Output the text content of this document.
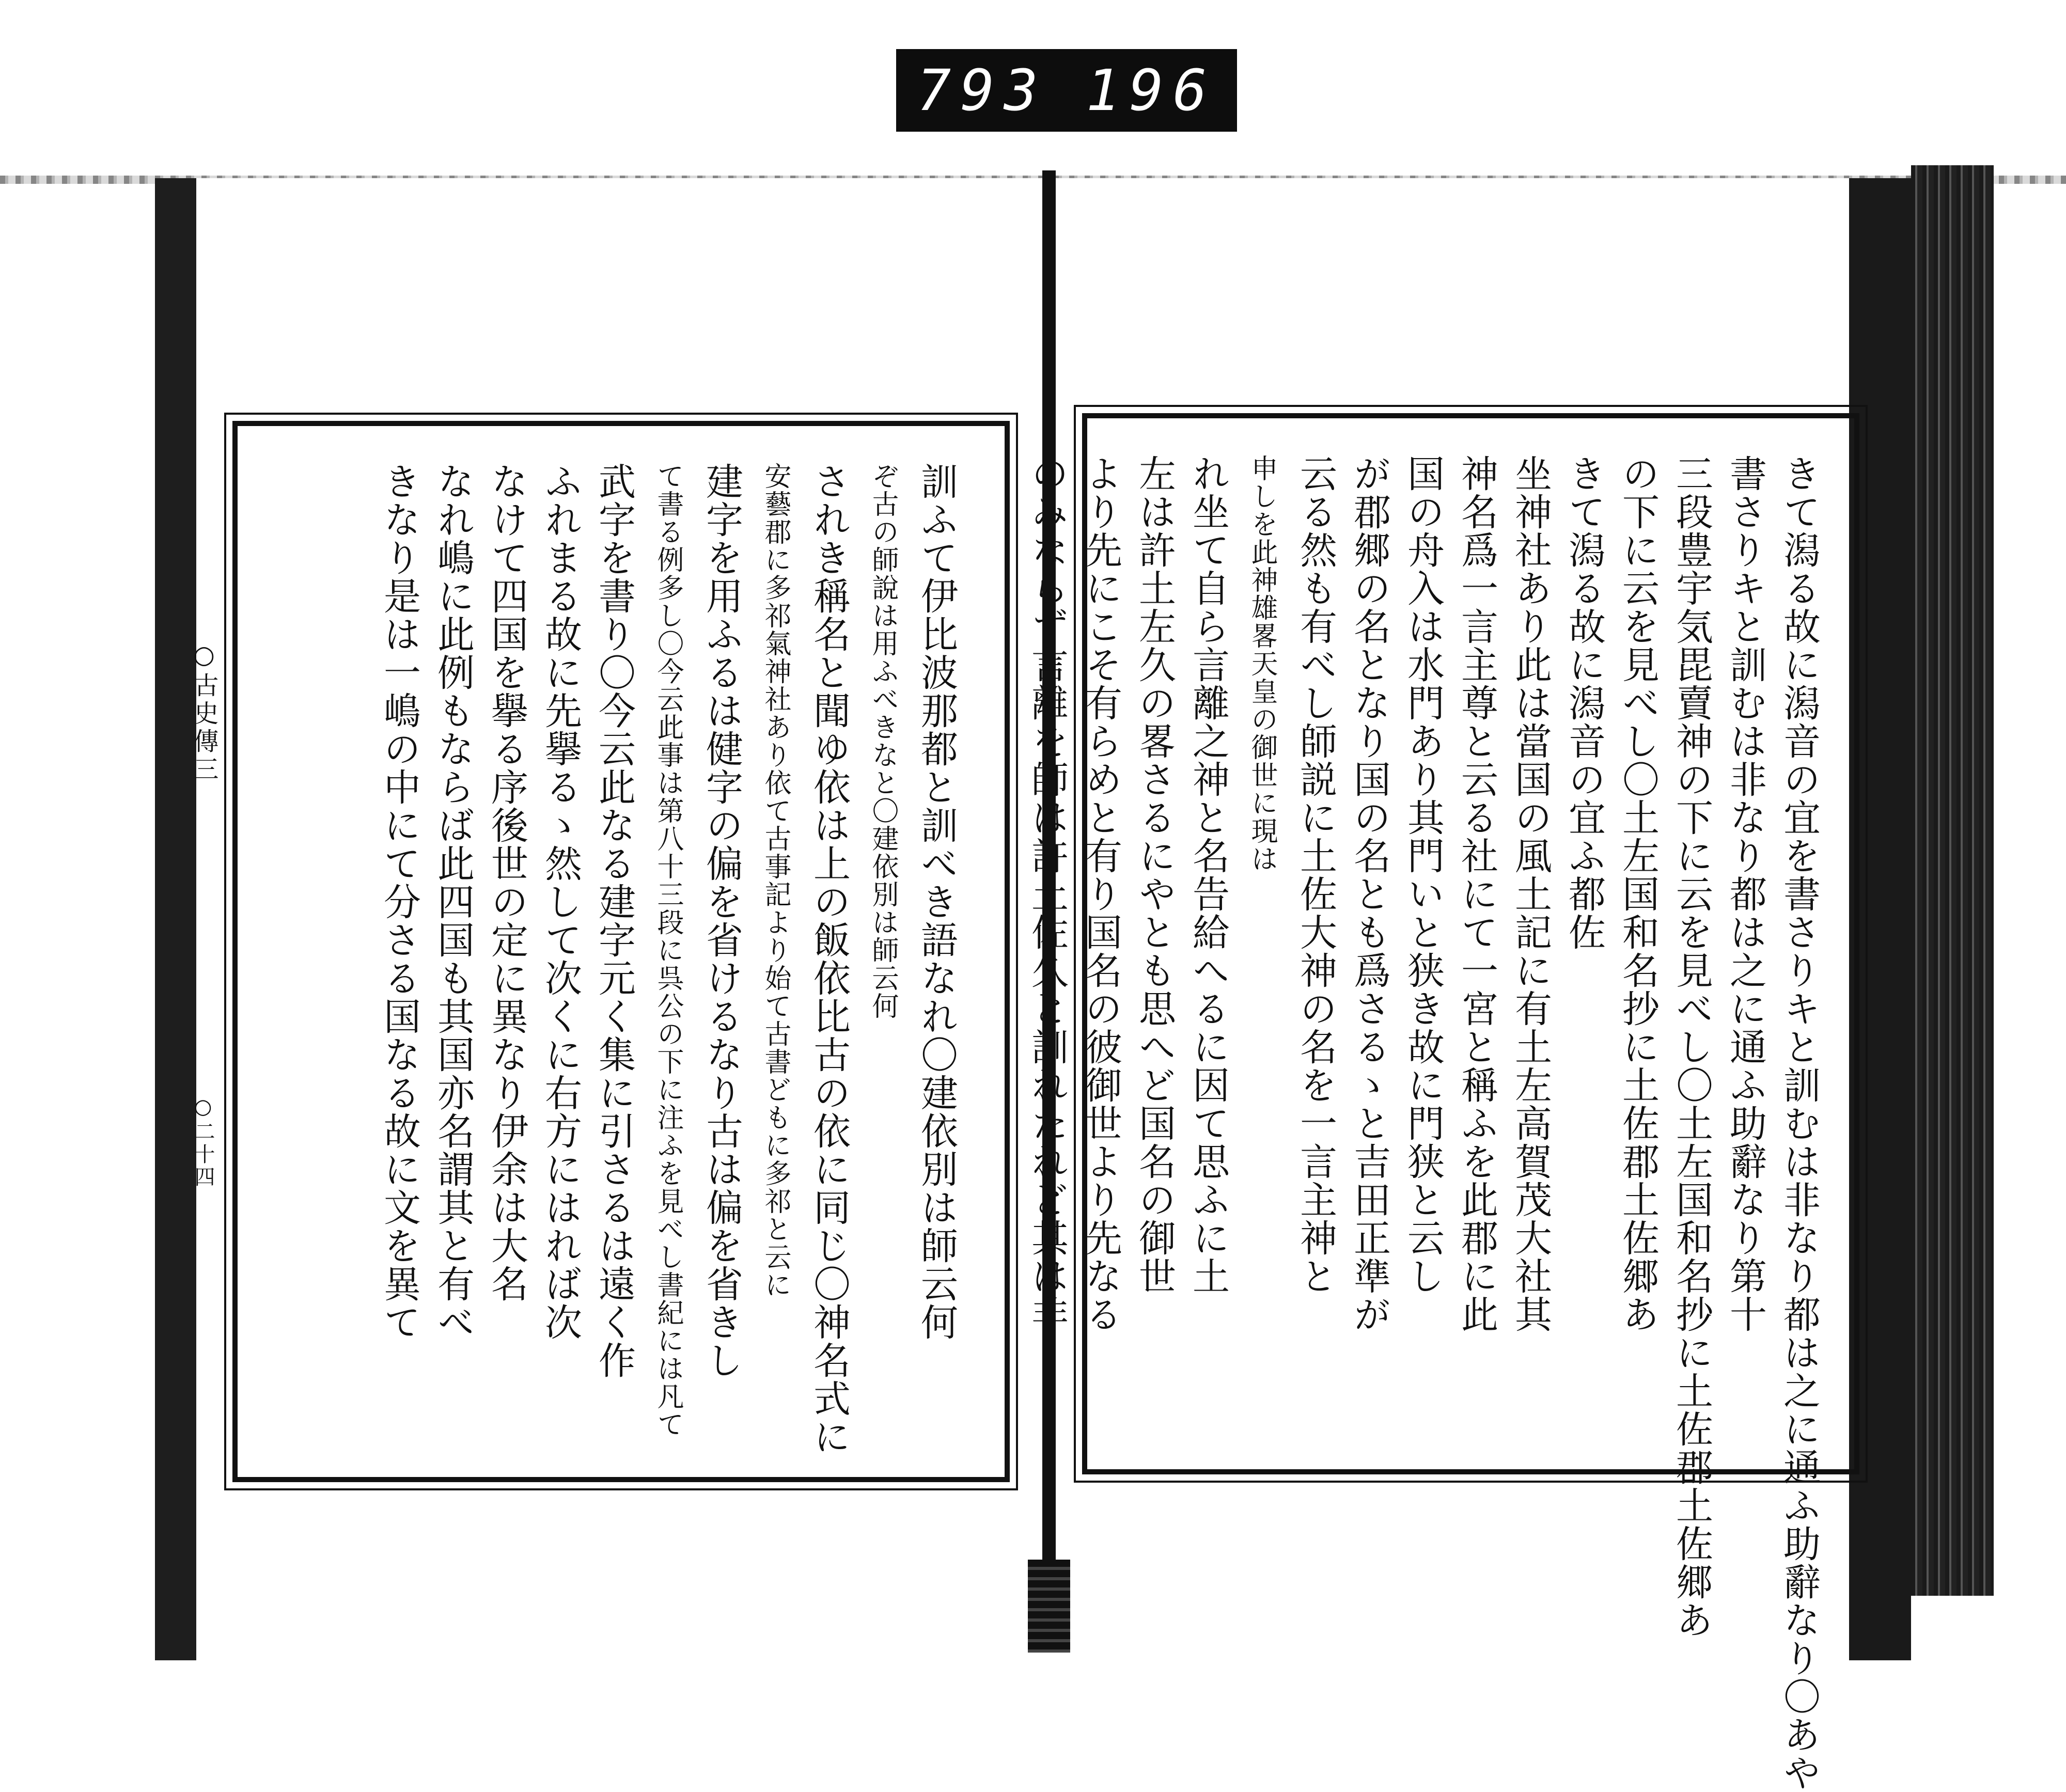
793 196
○古史傳三
○二十四	訓ふて伊比波那都と訓べき語なれ〇建依別は師云何
ぞ古の師說は用ふべきなと〇建依別は師云何
されき稱名と聞ゆ依は上の飯依比古の依に同じ〇神名式に
安藝郡に多祁氣神社あり依て古事記より始て古書どもに多祁と云に
建字を用ふるは健字の偏を省けるなり古は偏を省きし
て書る例多し〇今云此事は第八十三段に呉公の下に注ふを見べし書紀には凡て
武字を書り〇今云此なる建字元く集に引さるは遠く作
ふれまる故に先擧るゝ然して次くに右方にはれば次
なけて四国を擧る序後世の定に異なり伊余は大名
なれ嶋に此例もならば此四国も其国亦名謂其と有べ
きなり是は一嶋の中にて分さる国なる故に文を異て	きて潟る故に潟音の宜を書さりキと訓むは非なり都は之に通ふ助辭なり〇あや
書さりキと訓むは非なり都は之に通ふ助辭なり第十
三段豊宇気毘賣神の下に云を見べし〇土左国和名抄に土佐郡土佐郷あ
の下に云を見べし〇土左国和名抄に土佐郡土佐郷あ
きて潟る故に潟音の宜ふ都佐
坐神社あり此は當国の風土記に有土左高賀茂大社其
神名爲一言主尊と云る社にて一宮と稱ふを此郡に此
国の舟入は水門あり其門いと狭き故に門狭と云し
が郡郷の名となり国の名とも爲さるゝと吉田正準が
云る然も有べし師説に土佐大神の名を一言主神と
申しを此神雄畧天皇の御世に現は
れ坐て自ら言離之神と名告給へるに因て思ふに土
左は許土左久の畧さるにやとも思へど国名の御世
より先にこそ有らめと有り国名の彼御世より先なる
のみならず言離を師は許土佐久と訓れたれど其は非
